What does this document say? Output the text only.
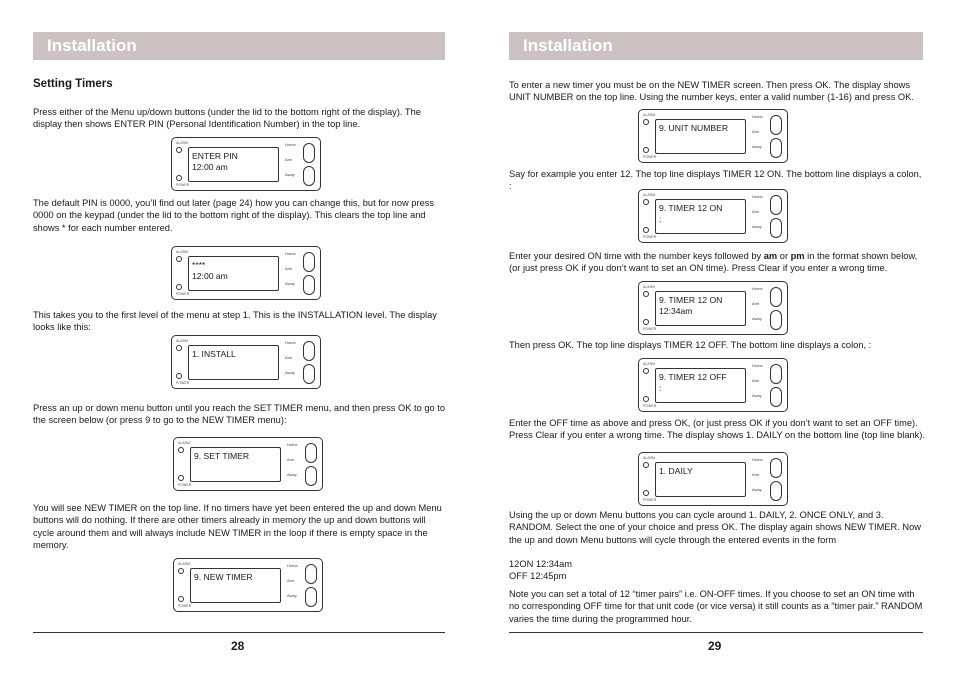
Installation
Setting Timers
Press either of the Menu up/down buttons (under the lid to the bottom right of the display). The display then shows ENTER PIN (Personal Identification Number) in the top line.
ALARM
POWER
ENTER PIN
12:00 am
Home
Arm
Away
The default PIN is 0000, you’ll find out later (page 24) how you can change this, but for now press 0000 on the keypad (under the lid to the bottom right of the display). This clears the top line and shows * for each number entered.
ALARM
POWER
****
12:00 am
Home
Arm
Away
This takes you to the first level of the menu at step 1. This is the INSTALLATION level. The display looks like this:
ALARM
POWER
1. INSTALL
Home
Arm
Away
Press an up or down menu button until you reach the SET TIMER menu, and then press OK to go to the screen below (or press 9 to go to the NEW TIMER menu):
ALARM
POWER
9. SET TIMER
Home
Arm
Away
You will see NEW TIMER on the top line. If no timers have yet been entered the up and down Menu buttons will do nothing. If there are other timers already in memory the up and down buttons will cycle around them and will always include NEW TIMER in the loop if there is empty space in the memory.
ALARM
POWER
9. NEW TIMER
Home
Arm
Away
28
Installation
To enter a new timer you must be on the NEW TIMER screen. Then press OK. The display shows UNIT NUMBER on the top line. Using the number keys, enter a valid number (1-16) and press OK.
ALARM
POWER
9. UNIT NUMBER
Home
Arm
Away
Say for example you enter 12. The top line displays TIMER 12 ON. The bottom line displays a colon, :
ALARM
POWER
9. TIMER 12 ON
:
Home
Arm
Away
Enter your desired ON time with the number keys followed by am or pm in the format shown below, (or just press OK if you don’t want to set an ON time). Press Clear if you enter a wrong time.
ALARM
POWER
9. TIMER 12 ON
12:34am
Home
Arm
Away
Then press OK. The top line displays TIMER 12 OFF. The bottom line displays a colon, :
ALARM
POWER
9. TIMER 12 OFF
:
Home
Arm
Away
Enter the OFF time as above and press OK, (or just press OK if you don’t want to set an OFF time). Press Clear if you enter a wrong time. The display shows 1. DAILY on the bottom line (top line blank).
ALARM
POWER
1. DAILY
Home
Arm
Away
Using the up or down Menu buttons you can cycle around 1. DAILY, 2. ONCE ONLY, and 3. RANDOM. Select the one of your choice and press OK. The display again shows NEW TIMER. Now the up and down Menu buttons will cycle through the entered events in the form
12ON 12:34am
OFF 12:45pm
Note you can set a total of 12 “timer pairs” i.e. ON-OFF times. If you choose to set an ON time with no corresponding OFF time for that unit code (or vice versa) it still counts as a “timer pair.” RANDOM varies the time during the programmed hour.
29
